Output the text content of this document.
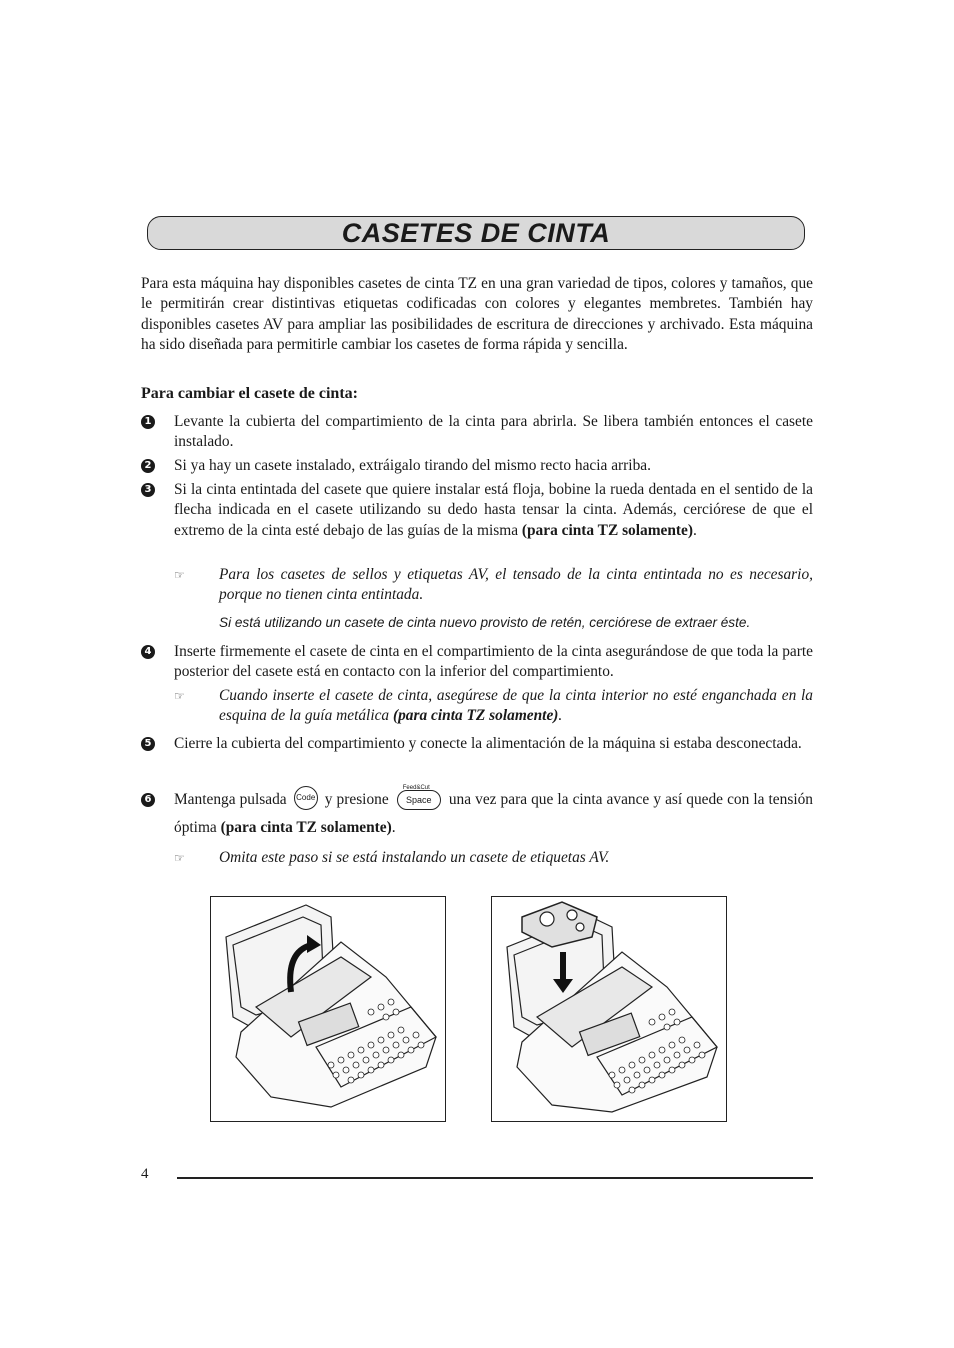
CASETES DE CINTA

Para esta máquina hay disponibles casetes de cinta TZ en una gran variedad de tipos, colores y tamaños, que le permitirán crear distintivas etiquetas codificadas con colores y elegantes membretes. También hay disponibles casetes AV para ampliar las posibilidades de escritura de direcciones y archivado. Esta máquina ha sido diseñada para permitirle cambiar los casetes de forma rápida y sencilla.

Para cambiar el casete de cinta:

1 Levante la cubierta del compartimiento de la cinta para abrirla. Se libera también entonces el casete instalado.
2 Si ya hay un casete instalado, extráigalo tirando del mismo recto hacia arriba.
3 Si la cinta entintada del casete que quiere instalar está floja, bobine la rueda dentada en el sentido de la flecha indicada en el casete utilizando su dedo hasta tensar la cinta. Además, cerciórese de que el extremo de la cinta esté debajo de las guías de la misma (para cinta TZ solamente).
☞ Para los casetes de sellos y etiquetas AV, el tensado de la cinta entintada no es necesario, porque no tienen cinta entintada.
Si está utilizando un casete de cinta nuevo provisto de retén, cerciórese de extraer éste.
4 Inserte firmemente el casete de cinta en el compartimiento de la cinta asegurándose de que toda la parte posterior del casete está en contacto con la inferior del compartimiento.
☞ Cuando inserte el casete de cinta, asegúrese de que la cinta interior no esté enganchada en la esquina de la guía metálica (para cinta TZ solamente).
5 Cierre la cubierta del compartimiento y conecte la alimentación de la máquina si estaba desconectada.
6 Mantenga pulsada Code y presione
Feed&Cut
Space	una vez para que la cinta avance y así quede con la tensión óptima (para cinta TZ solamente).
☞ Omita este paso si se está instalando un casete de etiquetas AV.
4
